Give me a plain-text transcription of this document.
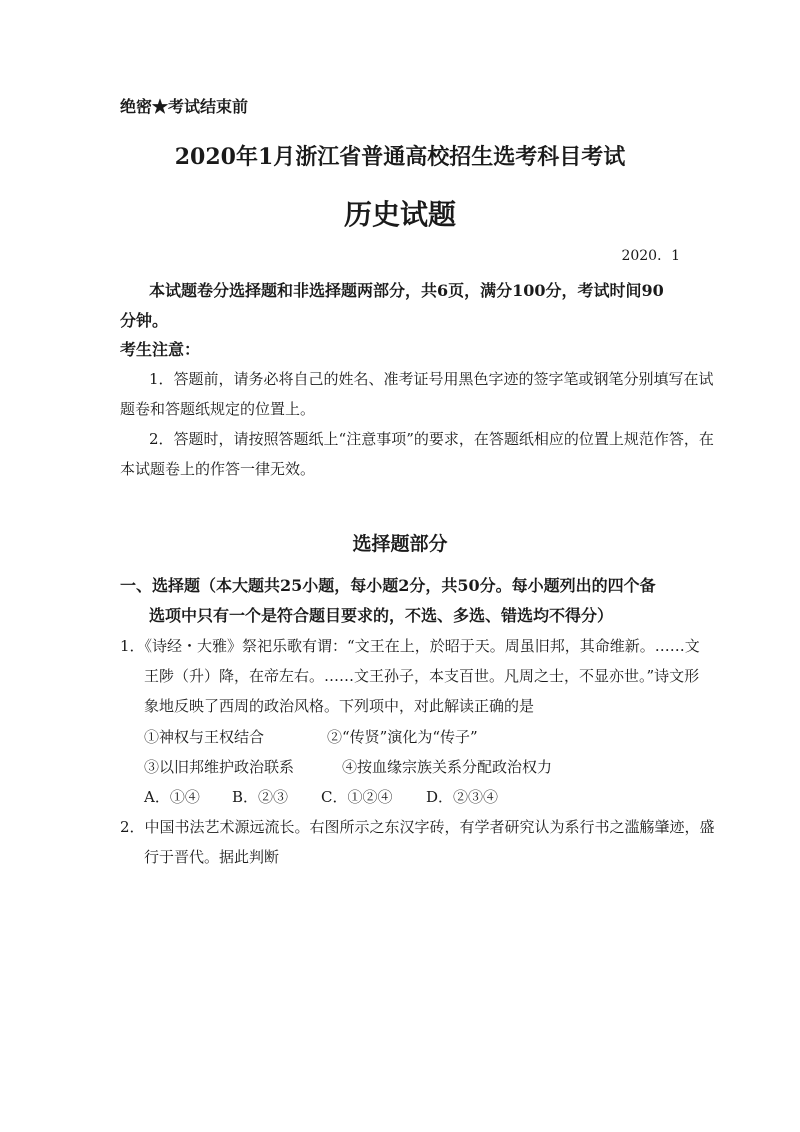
绝密★考试结束前
2020年1月浙江省普通高校招生选考科目考试
历史试题
2020．1
本试题卷分选择题和非选择题两部分，共6页，满分100分，考试时间90
分钟。
考生注意：
1．答题前，请务必将自己的姓名、准考证号用黑色字迹的签字笔或钢笔分别填写在试
题卷和答题纸规定的位置上。
2．答题时，请按照答题纸上“注意事项”的要求，在答题纸相应的位置上规范作答，在
本试题卷上的作答一律无效。
选择题部分
一、选择题（本大题共25小题，每小题2分，共50分。每小题列出的四个备
选项中只有一个是符合题目要求的，不选、多选、错选均不得分）
1．《诗经・大雅》祭祀乐歌有谓：“文王在上，於昭于天。周虽旧邦，其命维新。……文
王陟（升）降，在帝左右。……文王孙子，本支百世。凡周之士，不显亦世。”诗文形
象地反映了西周的政治风格。下列项中，对此解读正确的是
①神权与王权结合	②“传贤”演化为“传子”
③以旧邦维护政治联系	④按血缘宗族关系分配政治权力
A．①④ B．②③ C．①②④ D．②③④
2．中国书法艺术源远流长。右图所示之东汉字砖，有学者研究认为系行书之滥觞肇迹，盛
行于晋代。据此判断
